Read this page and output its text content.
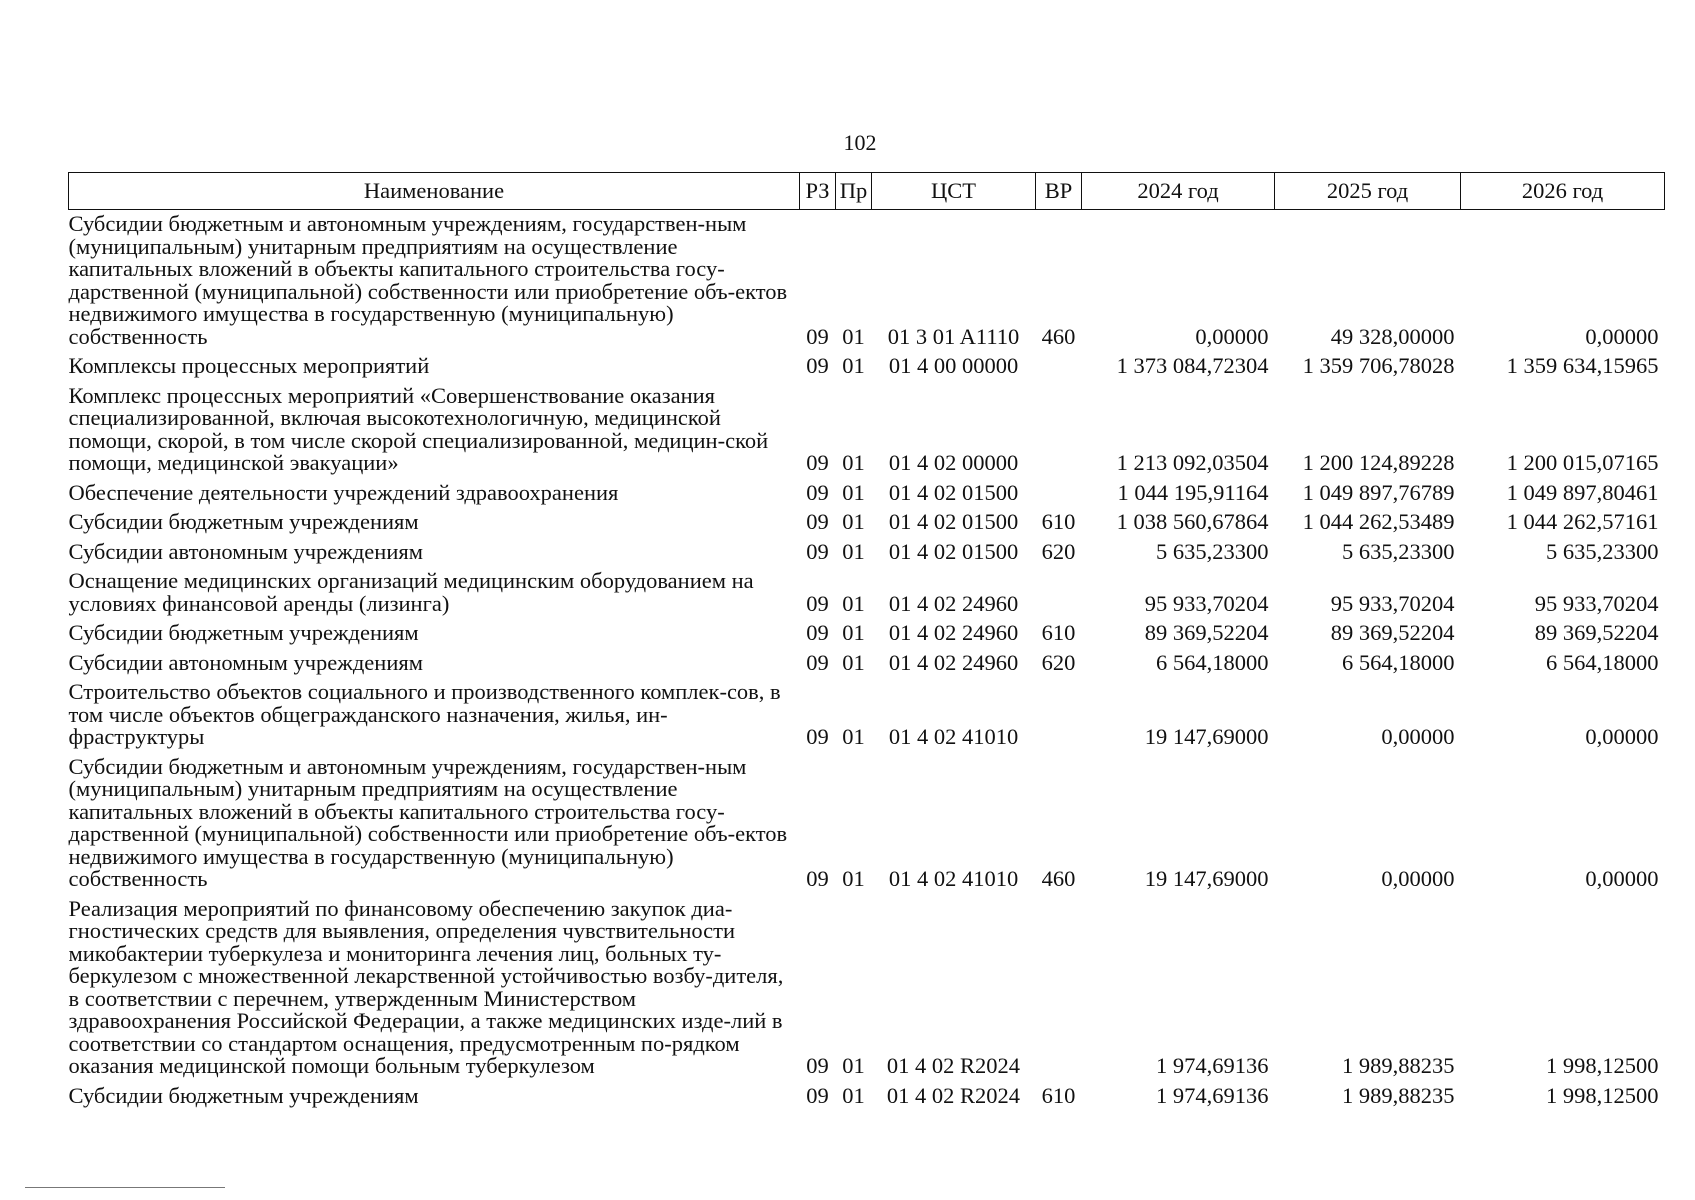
102
Наименование	РЗ	Пр	ЦСТ	ВР	2024 год	2025 год	2026 год
Субсидии бюджетным и автономным учреждениям, государствен-ным (муниципальным) унитарным предприятиям на осуществление капитальных вложений в объекты капитального строительства госу-дарственной (муниципальной) собственности или приобретение объ-ектов недвижимого имущества в государственную (муниципальную) собственность	09	01	01 3 01 A1110	460	0,00000	49 328,00000	0,00000
Комплексы процессных мероприятий	09	01	01 4 00 00000		1 373 084,72304	1 359 706,78028	1 359 634,15965
Комплекс процессных мероприятий «Совершенствование оказания специализированной, включая высокотехнологичную, медицинской помощи, скорой, в том числе скорой специализированной, медицин-ской помощи, медицинской эвакуации»	09	01	01 4 02 00000		1 213 092,03504	1 200 124,89228	1 200 015,07165
Обеспечение деятельности учреждений здравоохранения	09	01	01 4 02 01500		1 044 195,91164	1 049 897,76789	1 049 897,80461
Субсидии бюджетным учреждениям	09	01	01 4 02 01500	610	1 038 560,67864	1 044 262,53489	1 044 262,57161
Субсидии автономным учреждениям	09	01	01 4 02 01500	620	5 635,23300	5 635,23300	5 635,23300
Оснащение медицинских организаций медицинским оборудованием на условиях финансовой аренды (лизинга)	09	01	01 4 02 24960		95 933,70204	95 933,70204	95 933,70204
Субсидии бюджетным учреждениям	09	01	01 4 02 24960	610	89 369,52204	89 369,52204	89 369,52204
Субсидии автономным учреждениям	09	01	01 4 02 24960	620	6 564,18000	6 564,18000	6 564,18000
Строительство объектов социального и производственного комплек-сов, в том числе объектов общегражданского назначения, жилья, ин-фраструктуры	09	01	01 4 02 41010		19 147,69000	0,00000	0,00000
Субсидии бюджетным и автономным учреждениям, государствен-ным (муниципальным) унитарным предприятиям на осуществление капитальных вложений в объекты капитального строительства госу-дарственной (муниципальной) собственности или приобретение объ-ектов недвижимого имущества в государственную (муниципальную) собственность	09	01	01 4 02 41010	460	19 147,69000	0,00000	0,00000
Реализация мероприятий по финансовому обеспечению закупок диа-гностических средств для выявления, определения чувствительности микобактерии туберкулеза и мониторинга лечения лиц, больных ту-беркулезом с множественной лекарственной устойчивостью возбу-дителя, в соответствии с перечнем, утвержденным Министерством здравоохранения Российской Федерации, а также медицинских изде-лий в соответствии со стандартом оснащения, предусмотренным по-рядком оказания медицинской помощи больным туберкулезом	09	01	01 4 02 R2024		1 974,69136	1 989,88235	1 998,12500
Субсидии бюджетным учреждениям	09	01	01 4 02 R2024	610	1 974,69136	1 989,88235	1 998,12500
